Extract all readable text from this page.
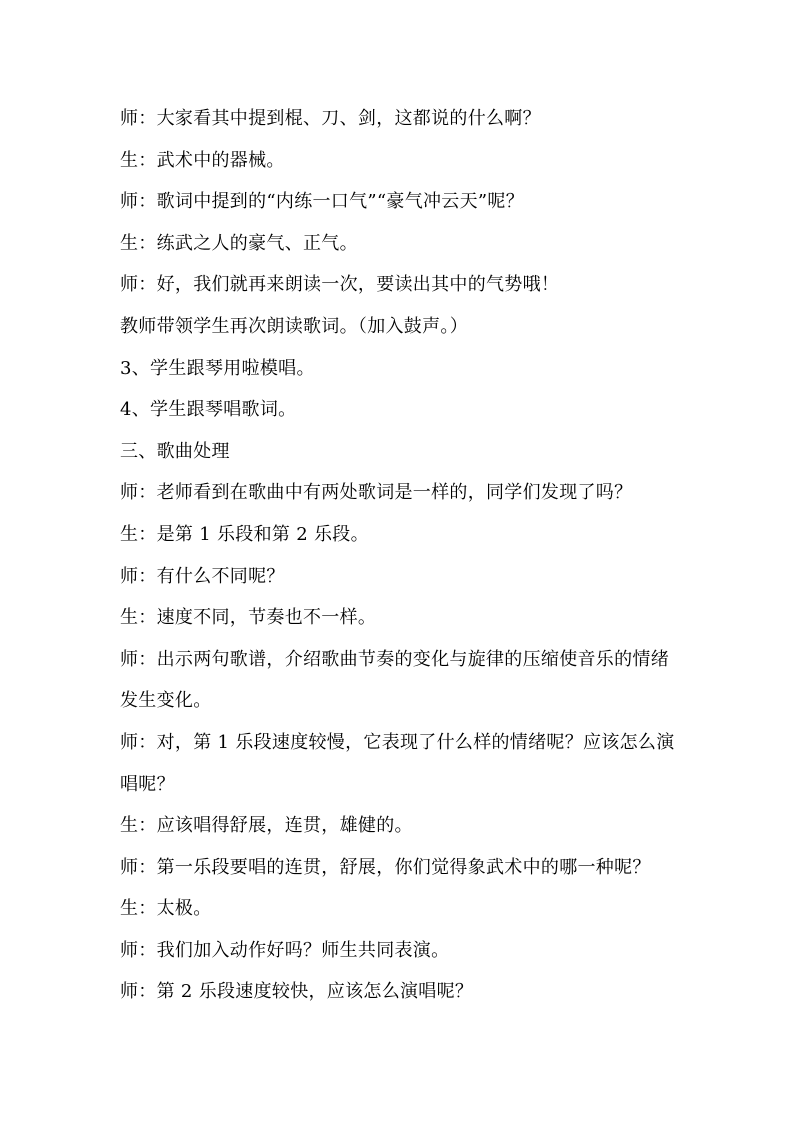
师：大家看其中提到棍、刀、剑，这都说的什么啊？
生：武术中的器械。
师：歌词中提到的“内练一口气”“豪气冲云天”呢？
生：练武之人的豪气、正气。
师：好，我们就再来朗读一次，要读出其中的气势哦！
教师带领学生再次朗读歌词。（加入鼓声。）
3、学生跟琴用啦模唱。
4、学生跟琴唱歌词。
三、歌曲处理
师：老师看到在歌曲中有两处歌词是一样的，同学们发现了吗？
生：是第 1 乐段和第 2 乐段。
师：有什么不同呢？
生：速度不同，节奏也不一样。
师：出示两句歌谱，介绍歌曲节奏的变化与旋律的压缩使音乐的情绪
发生变化。
师：对，第 1 乐段速度较慢，它表现了什么样的情绪呢？应该怎么演
唱呢？
生：应该唱得舒展，连贯，雄健的。
师：第一乐段要唱的连贯，舒展，你们觉得象武术中的哪一种呢？
生：太极。
师：我们加入动作好吗？师生共同表演。
师：第 2 乐段速度较快，应该怎么演唱呢？
